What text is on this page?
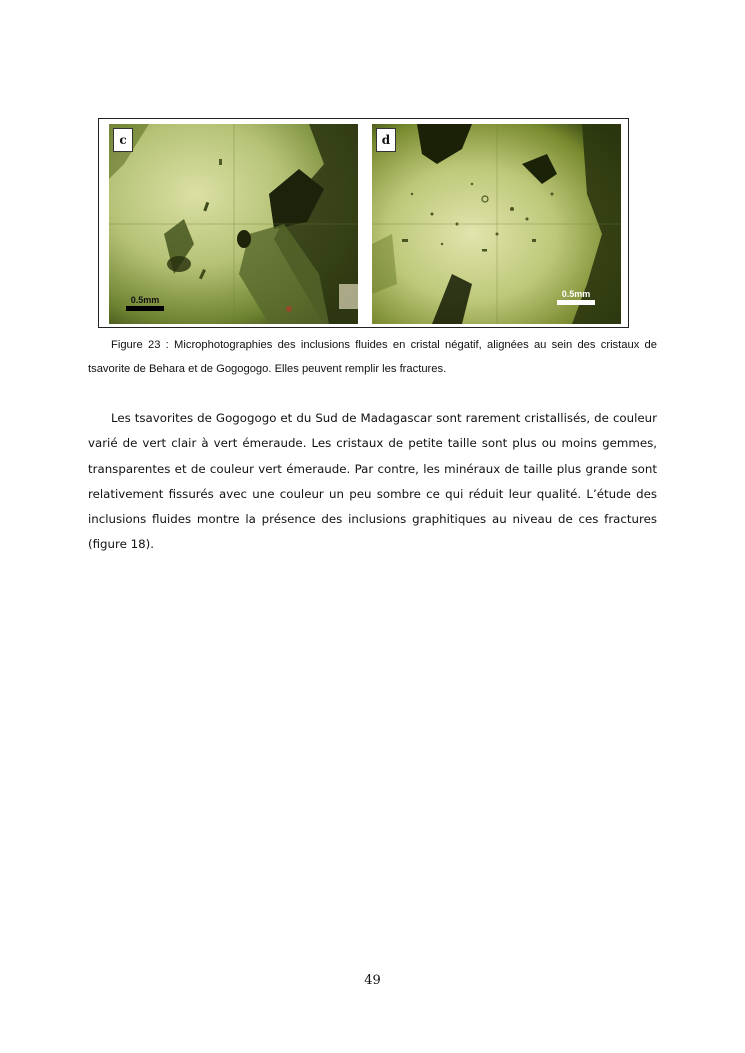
c
0.5mm
d
0.5mm

Figure 23 : Microphotographies des inclusions fluides en cristal négatif, alignées au sein des cristaux de tsavorite de Behara et de Gogogogo. Elles peuvent remplir les fractures.

Les tsavorites de Gogogogo et du Sud de Madagascar sont rarement cristallisés, de couleur varié de vert clair à vert émeraude. Les cristaux de petite taille sont plus ou moins gemmes, transparentes et de couleur vert émeraude. Par contre, les minéraux de taille plus grande sont relativement fissurés avec une couleur un peu sombre ce qui réduit leur qualité. L’étude des inclusions fluides montre la présence des inclusions graphitiques au niveau de ces fractures (figure 18).

49
